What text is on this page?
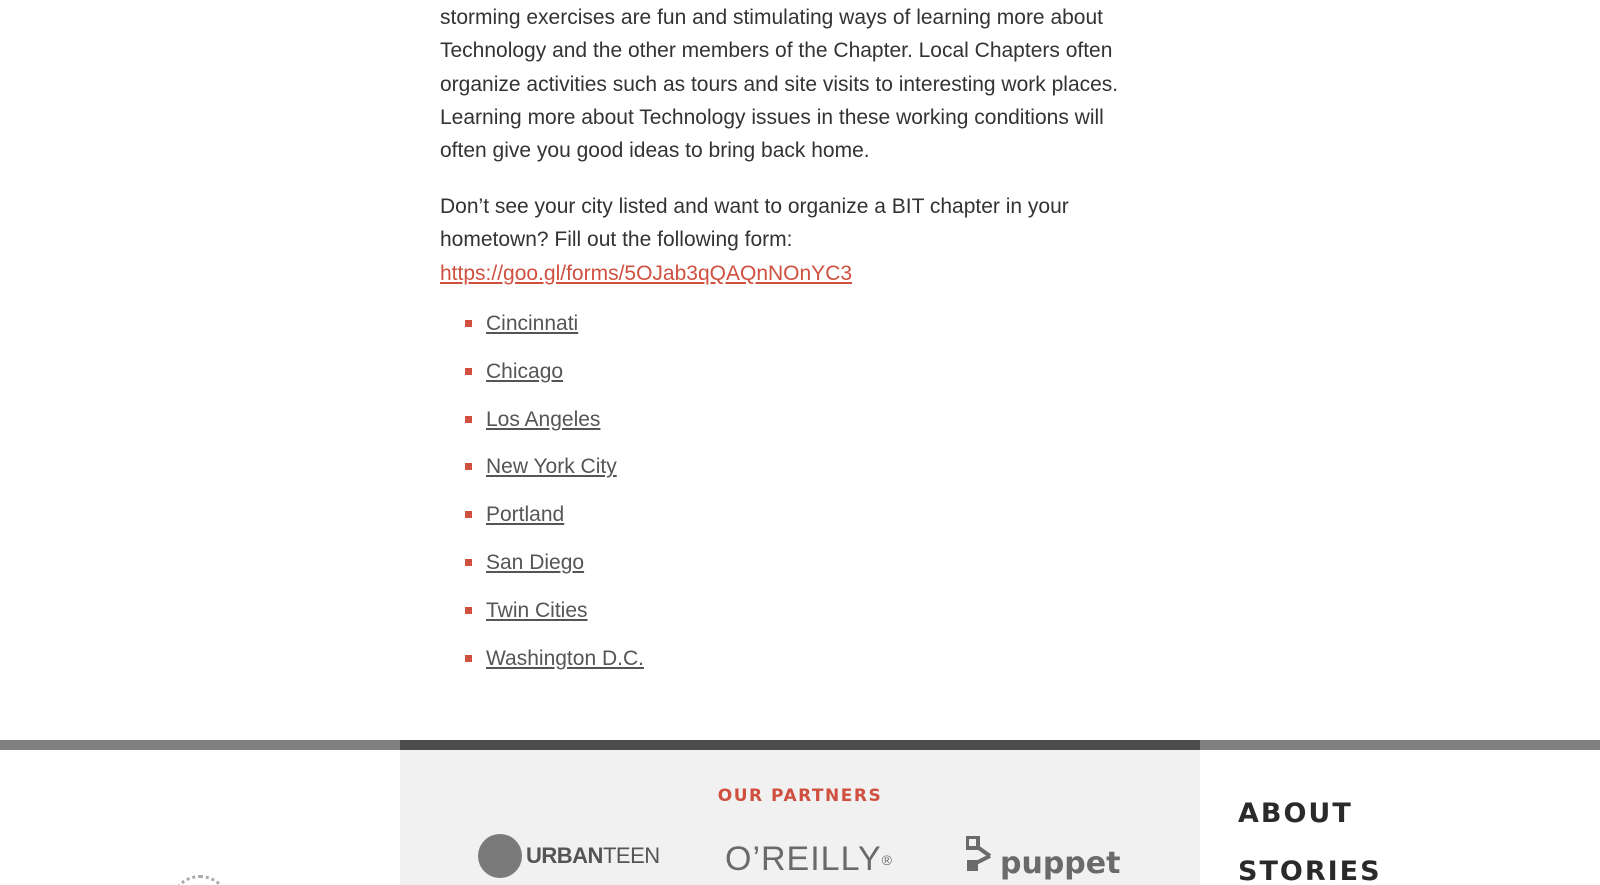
storming exercises are fun and stimulating ways of learning more about Technology and the other members of the Chapter. Local Chapters often organize activities such as tours and site visits to interesting work places. Learning more about Technology issues in these working conditions will often give you good ideas to bring back home.

Don’t see your city listed and want to organize a BIT chapter in your hometown? Fill out the following form: https://goo.gl/forms/5OJab3qQAQnNOnYC3

Cincinnati
Chicago
Los Angeles
New York City
Portland
San Diego
Twin Cities
Washington D.C.
OUR PARTNERS
URBANTEEN O’REILLY ®	puppet
ABOUT
STORIES
